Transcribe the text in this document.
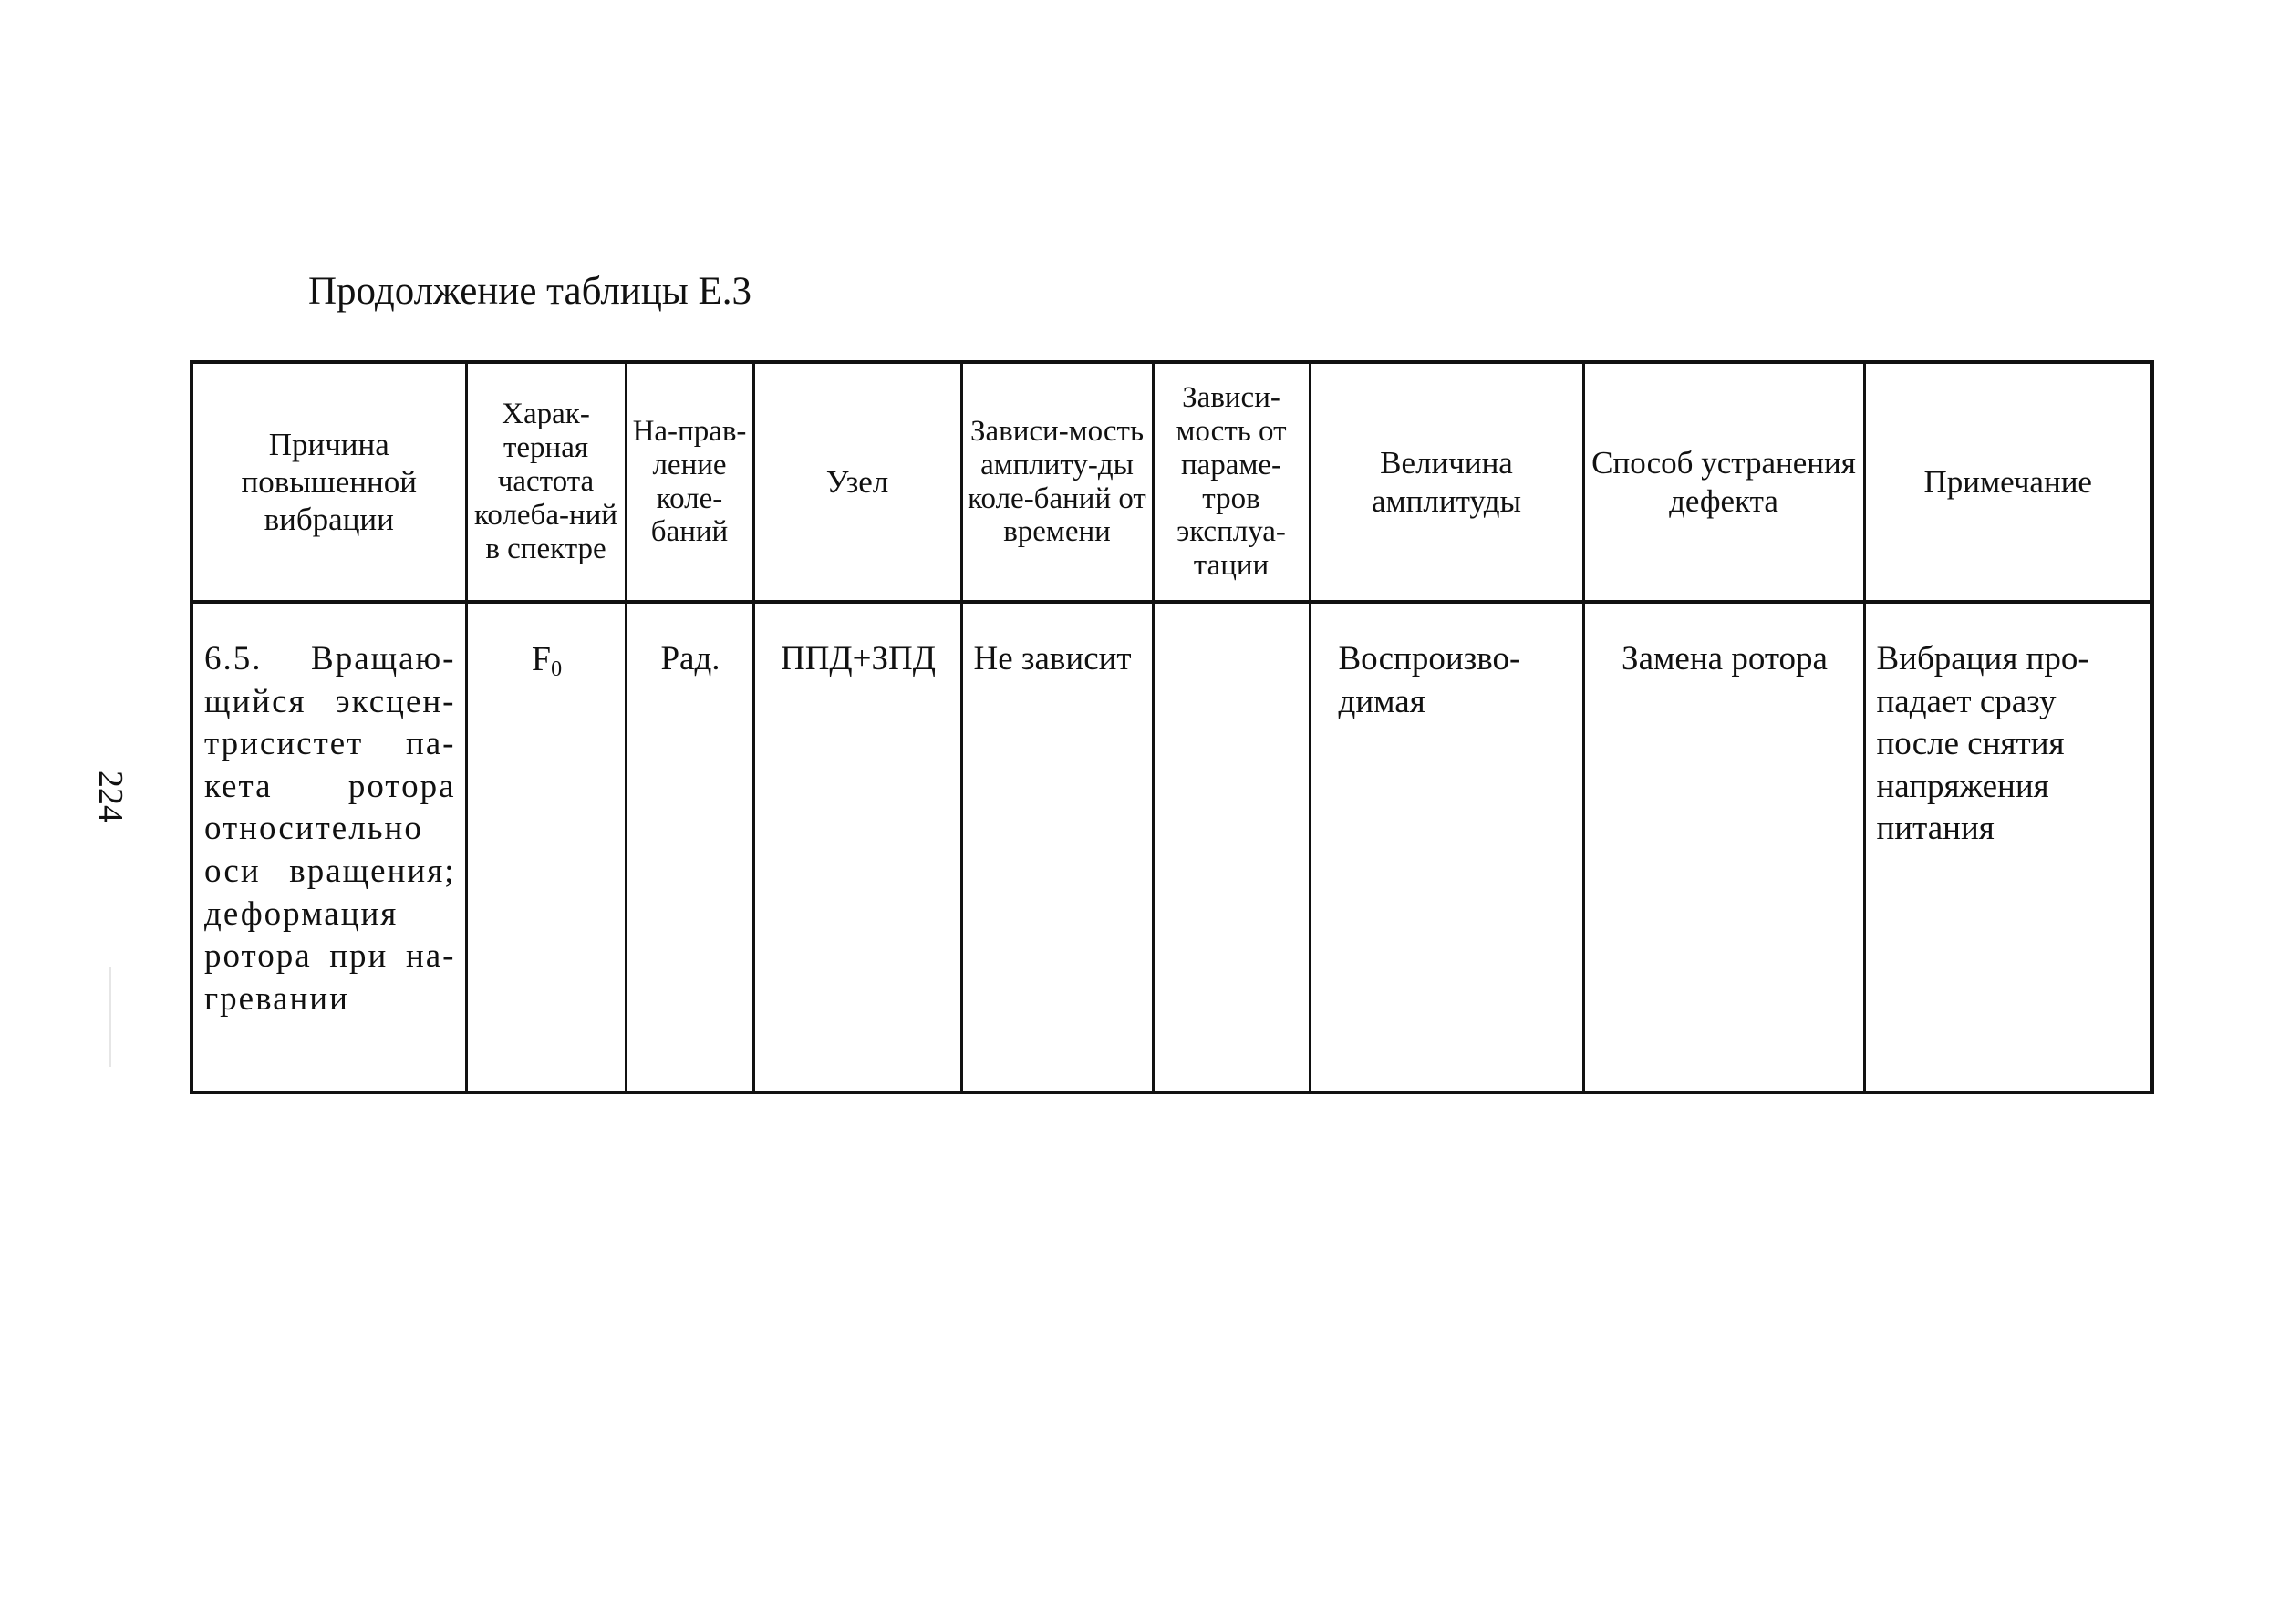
Продолжение таблицы Е.3
224
Причина повышенной вибрации	Харак-терная частота колеба-ний в спектре	На-прав-ление коле-баний	Узел	Зависи-мость амплиту-ды коле-баний от времени	Зависи-мость от параме-тров эксплуа-тации	Величина амплитуды	Способ устранения дефекта	Примечание
6.5. Вращаю-щийся эксцен-трисистет па-кета ротора относительно оси вращения; деформация ротора при на-гревании	$F_0$	Рад.	ППД+ЗПД	Не зависит		Воспроизво-димая	Замена ротора	Вибрация про-падает сразу после снятия напряжения питания
